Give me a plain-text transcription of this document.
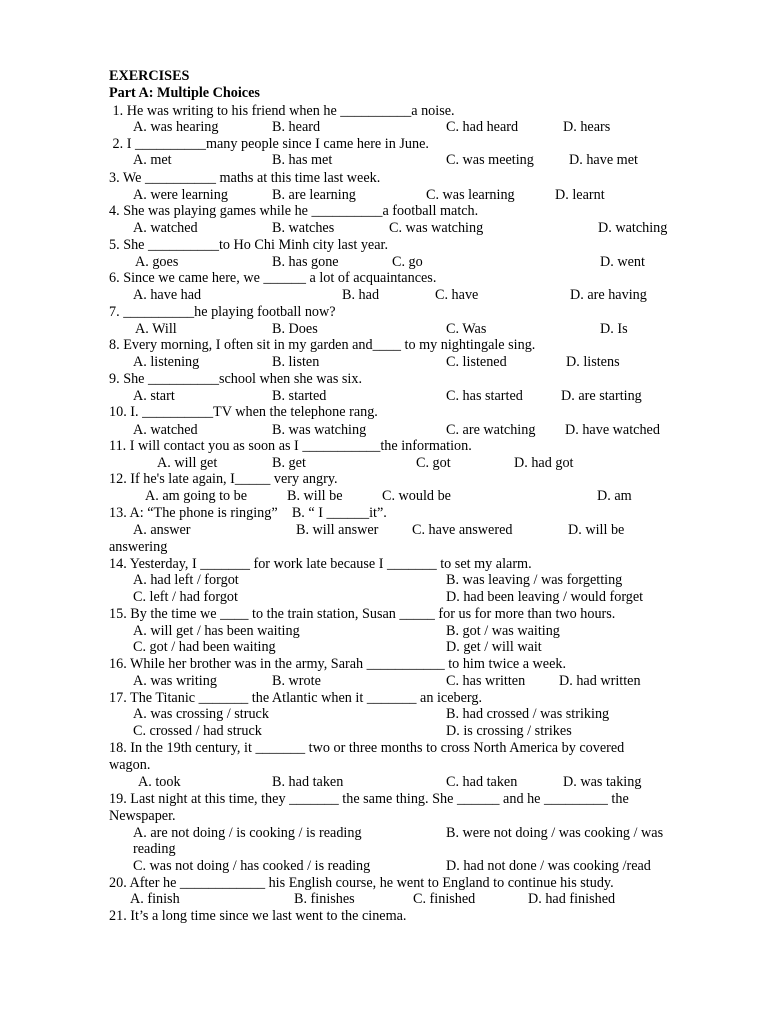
EXERCISES
Part A: Multiple Choices
1. He was writing to his friend when he __________a noise.
A. was hearing	B. heard	C. had heard	D. hears
2. I __________many people since I came here in June.
A. met	B. has met	C. was meeting D. have met
3. We __________ maths at this time last week.
A. were learning	B. are learning	C. was learning	D. learnt
4. She was playing games while he __________a football match.
A. watched	B. watches	C. was watching	D. watching
5. She __________to Ho Chi Minh city last year.
A. goes	B. has gone	C. go	D. went
6. Since we came here, we ______ a lot of acquaintances.
A. have had	B. had	C. have	D. are having
7. __________he playing football now?
A. Will	B. Does	C. Was	D. Is
8. Every morning, I often sit in my garden and____ to my nightingale sing.
A. listening	B. listen	C. listened	D. listens
9. She __________school when she was six.
A. start	B. started	C. has started	D. are starting
10. I. __________TV when the telephone rang.
A. watched	B. was watching	C. are watching D. have watched
11. I will contact you as soon as I ___________the information.
A. will get	B. get	C. got	D. had got
12. If he's late again, I_____ very angry.
A. am going to be	B. will be	C. would be	D. am
13. A: “The phone is ringing”    B. “ I ______it”.
A. answer	B. will answer C. have answered	D. will be
answering
14. Yesterday, I _______ for work late because I _______ to set my alarm.
A. had left / forgot	B. was leaving / was forgetting
C. left / had forgot	D. had been leaving / would forget
15. By the time we ____ to the train station, Susan _____ for us for more than two hours.
A. will get / has been waiting	B. got / was waiting
C. got / had been waiting	D. get / will wait
16. While her brother was in the army, Sarah ___________ to him twice a week.
A. was writing	B. wrote	C. has written D. had written
17. The Titanic _______ the Atlantic when it _______ an iceberg.
A. was crossing / struck	B. had crossed / was striking
C. crossed / had struck	D. is crossing / strikes
18. In the 19th century, it _______ two or three months to cross North America by covered
wagon.
A. took	B. had taken	C. had taken	D. was taking
19. Last night at this time, they _______ the same thing. She ______ and he _________ the
Newspaper.
A. are not doing / is cooking / is reading	B. were not doing / was cooking / was
reading
C. was not doing / has cooked / is reading	D. had not done / was cooking /read
20. After he ____________ his English course, he went to England to continue his study.
A. finish	B. finishes	C. finished	D. had finished
21. It’s a long time since we last went to the cinema.
